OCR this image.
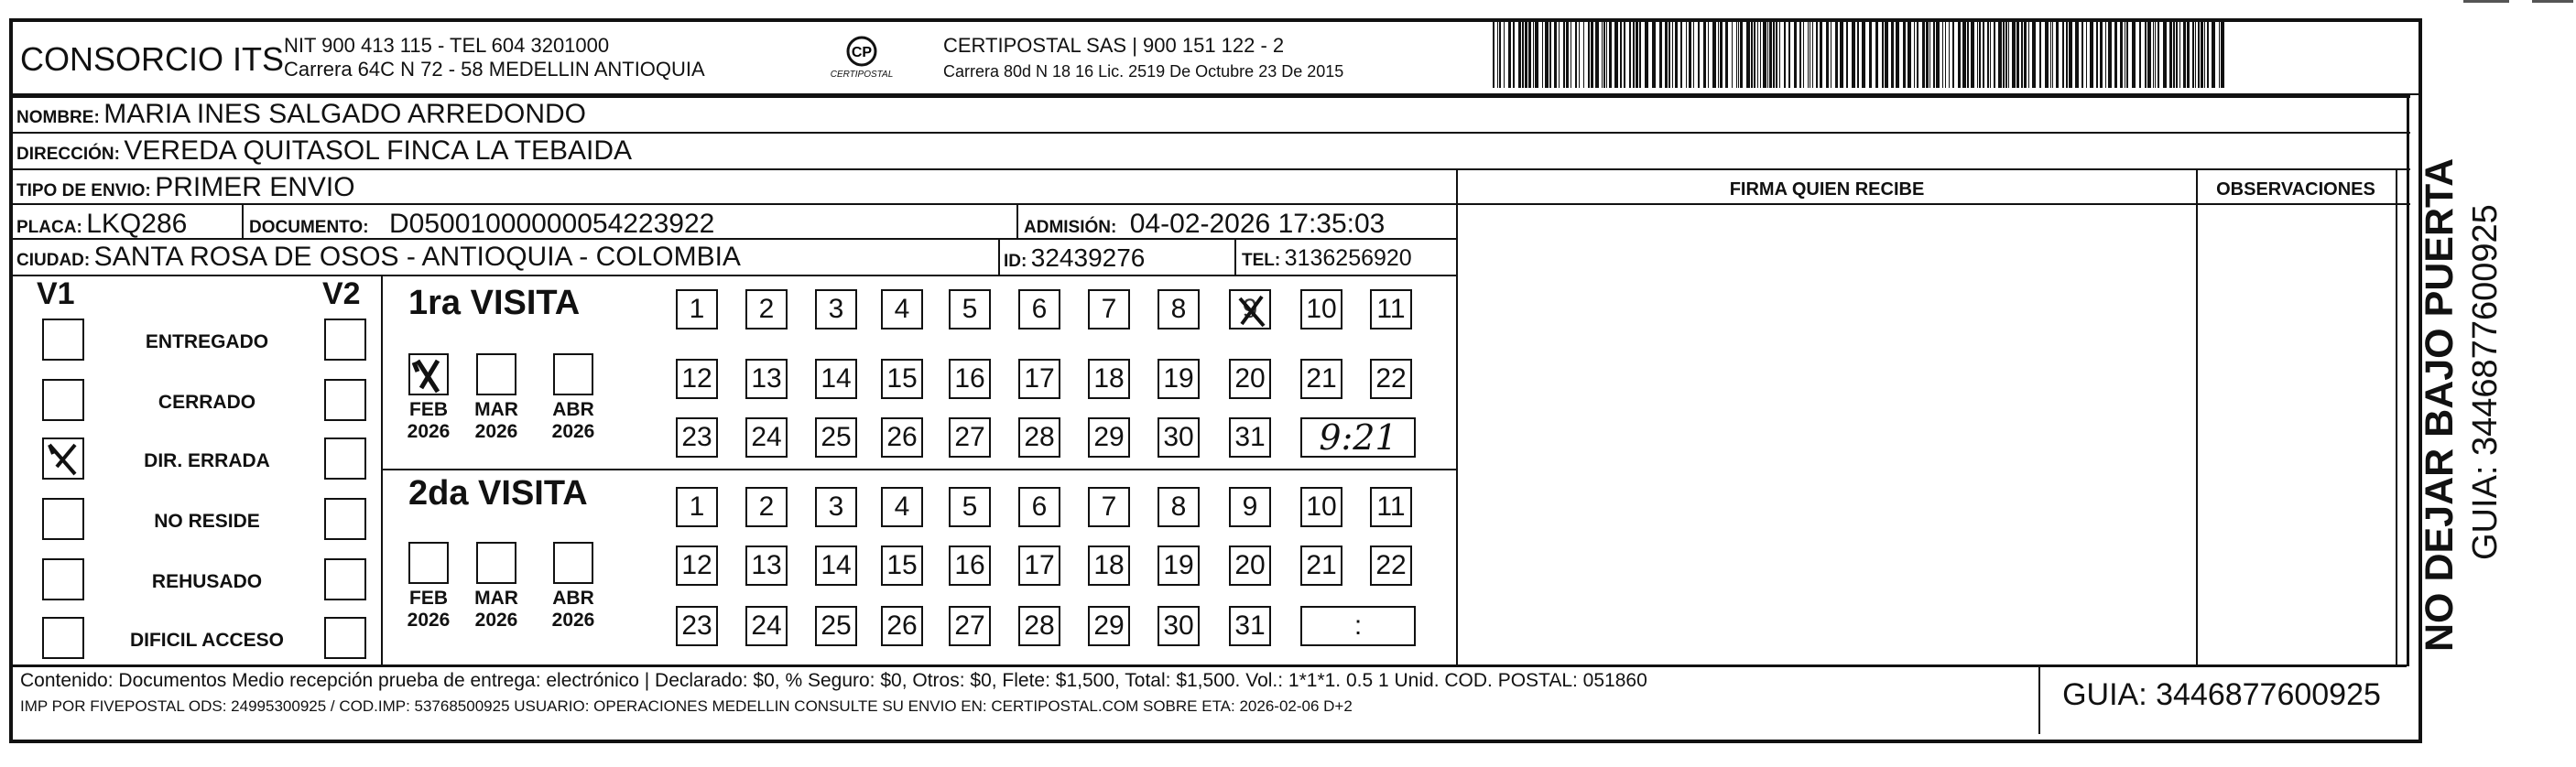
CONSORCIO ITS NIT 900 413 115 - TEL 604 3201000
Carrera 64C N 72 - 58 MEDELLIN ANTIOQUIA
CP
CERTIPOSTAL
CERTIPOSTAL SAS | 900 151 122 - 2
Carrera 80d N 18 16 Lic. 2519 De Octubre 23 De 2015
NOMBRE: MARIA INES SALGADO ARREDONDO
DIRECCIÓN: VEREDA QUITASOL FINCA LA TEBAIDA
TIPO DE ENVIO: PRIMER ENVIO	FIRMA QUIEN RECIBE	OBSERVACIONES
PLACA: LKQ286	DOCUMENTO: D05001000000054223922	ADMISIÓN: 04-02-2026 17:35:03
CIUDAD: SANTA ROSA DE OSOS - ANTIOQUIA - COLOMBIA	ID: 32439276	TEL: 3136256920
V1	V2
ENTREGADO
CERRADO
DIR. ERRADA
NO RESIDE
REHUSADO
DIFICIL ACCESO
1ra VISITA
2da VISITA
FEB
2026
MAR
2026
ABR
2026
FEB
2026
MAR
2026
ABR
2026
1 2 3 4 5 6 7 8 9 10 11
12 13 14 15 16 17 18 19 20 21 22
23 24 25 26 27 28 29 30 31	9:21
1 2 3 4 5 6 7 8 9 10 11
12 13 14 15 16 17 18 19 20 21 22
23 24 25 26 27 28 29 30 31	:
Contenido: Documentos Medio recepción prueba de entrega: electrónico | Declarado: $0, % Seguro: $0, Otros: $0, Flete: $1,500, Total: $1,500. Vol.: 1*1*1. 0.5 1 Unid. COD. POSTAL: 051860
IMP POR FIVEPOSTAL ODS: 24995300925 / COD.IMP: 53768500925 USUARIO: OPERACIONES MEDELLIN CONSULTE SU ENVIO EN: CERTIPOSTAL.COM SOBRE ETA: 2026-02-06 D+2	GUIA: 3446877600925
NO DEJAR BAJO PUERTA GUIA: 3446877600925
